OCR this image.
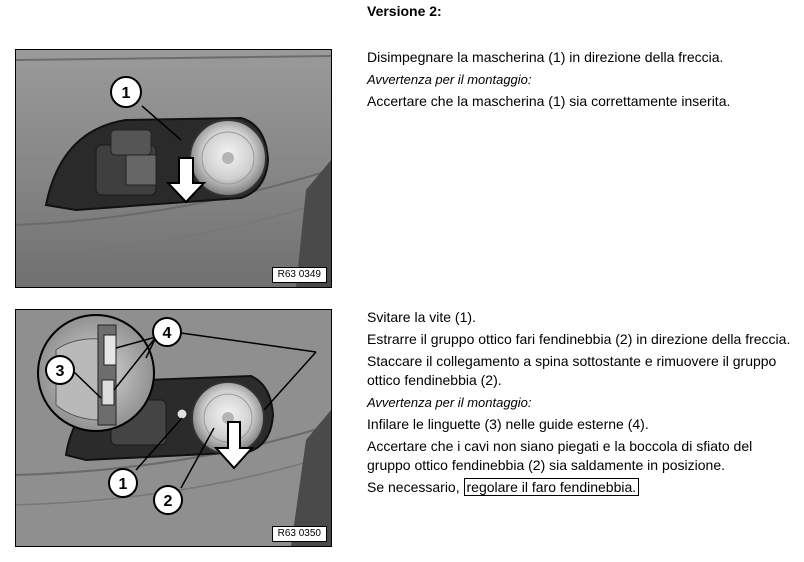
Versione 2:
1
R63 0349

Disimpegnare la mascherina (1) in direzione della freccia.

Avvertenza per il montaggio:

Accertare che la mascherina (1) sia correttamente inserita.

4
3
1
2
R63 0350

Svitare la vite (1).

Estrarre il gruppo ottico fari fendinebbia (2) in direzione della freccia.

Staccare il collegamento a spina sottostante e rimuovere il gruppo ottico fendinebbia (2).

Avvertenza per il montaggio:

Infilare le linguette (3) nelle guide esterne (4).

Accertare che i cavi non siano piegati e la boccola di sfiato del gruppo ottico fendinebbia (2) sia saldamente in posizione.

Se necessario, regolare il faro fendinebbia.
